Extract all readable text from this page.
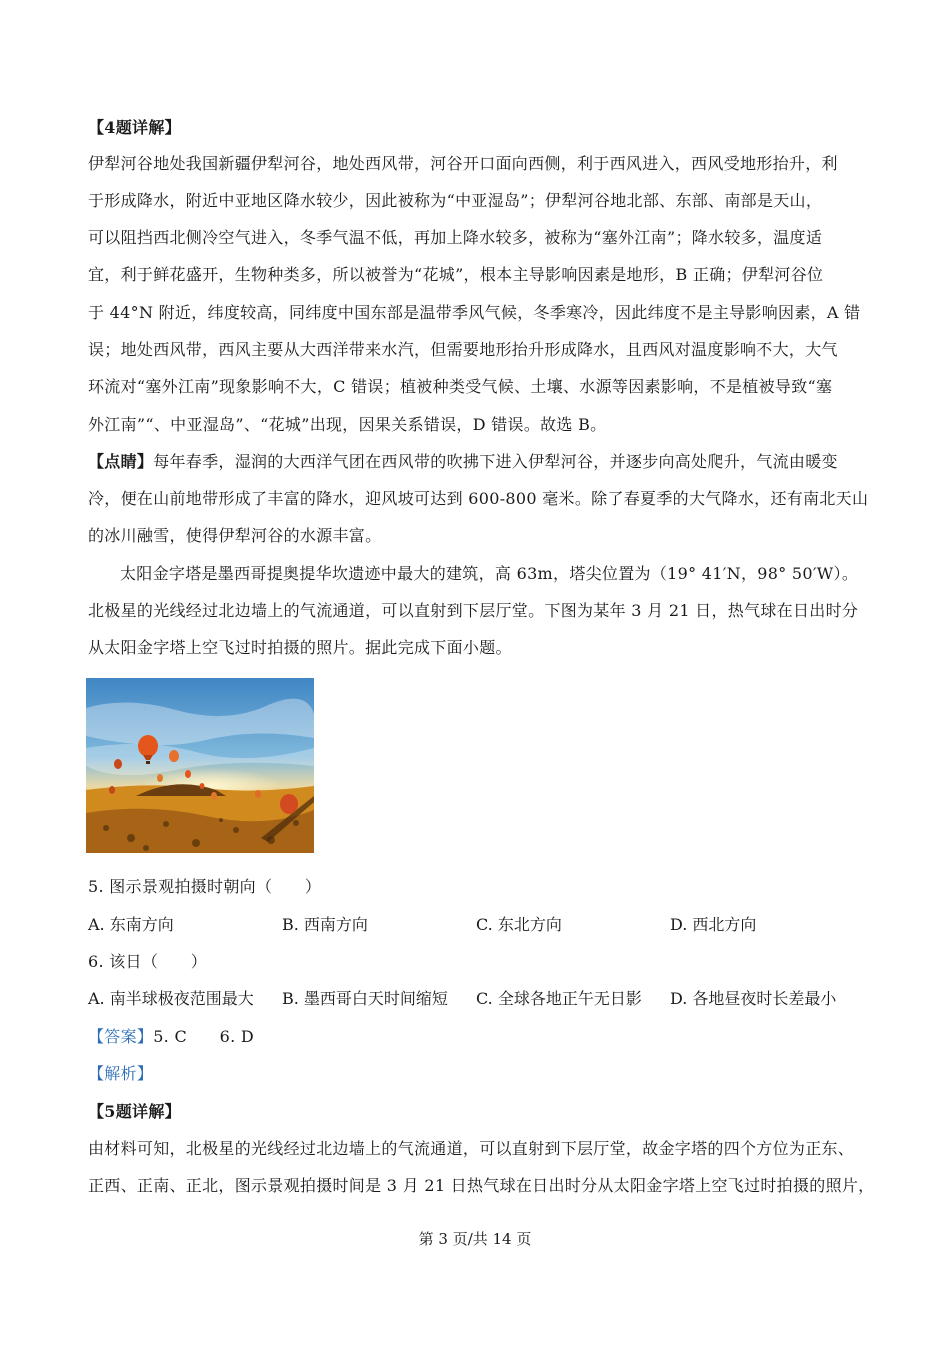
【4题详解】
伊犁河谷地处我国新疆伊犁河谷，地处西风带，河谷开口面向西侧，利于西风进入，西风受地形抬升，利
于形成降水，附近中亚地区降水较少，因此被称为“中亚湿岛”；伊犁河谷地北部、东部、南部是天山，
可以阻挡西北侧冷空气进入，冬季气温不低，再加上降水较多，被称为“塞外江南”；降水较多，温度适
宜，利于鲜花盛开，生物种类多，所以被誉为“花城”，根本主导影响因素是地形，B 正确；伊犁河谷位
于 44°N 附近，纬度较高，同纬度中国东部是温带季风气候，冬季寒冷，因此纬度不是主导影响因素，A 错
误；地处西风带，西风主要从大西洋带来水汽，但需要地形抬升形成降水，且西风对温度影响不大，大气
环流对“塞外江南”现象影响不大，C 错误；植被种类受气候、土壤、水源等因素影响，不是植被导致“塞
外江南”“、中亚湿岛”、“花城”出现，因果关系错误，D 错误。故选 B。
【点睛】每年春季，湿润的大西洋气团在西风带的吹拂下进入伊犁河谷，并逐步向高处爬升，气流由暖变
冷，便在山前地带形成了丰富的降水，迎风坡可达到 600-800 毫米。除了春夏季的大气降水，还有南北天山
的冰川融雪，使得伊犁河谷的水源丰富。
太阳金字塔是墨西哥提奥提华坎遗迹中最大的建筑，高 63m，塔尖位置为（19° 41′N，98° 50′W）。
北极星的光线经过北边墙上的气流通道，可以直射到下层厅堂。下图为某年 3 月 21 日，热气球在日出时分
从太阳金字塔上空飞过时拍摄的照片。据此完成下面小题。
5. 图示景观拍摄时朝向（　　）
A. 东南方向	B. 西南方向	C. 东北方向	D. 西北方向
6. 该日（　　）
A. 南半球极夜范围最大 B. 墨西哥白天时间缩短 C. 全球各地正午无日影 D. 各地昼夜时长差最小
【答案】5. C　　6. D
【解析】
【5题详解】
由材料可知，北极星的光线经过北边墙上的气流通道，可以直射到下层厅堂，故金字塔的四个方位为正东、
正西、正南、正北，图示景观拍摄时间是 3 月 21 日热气球在日出时分从太阳金字塔上空飞过时拍摄的照片，
第 3 页/共 14 页
